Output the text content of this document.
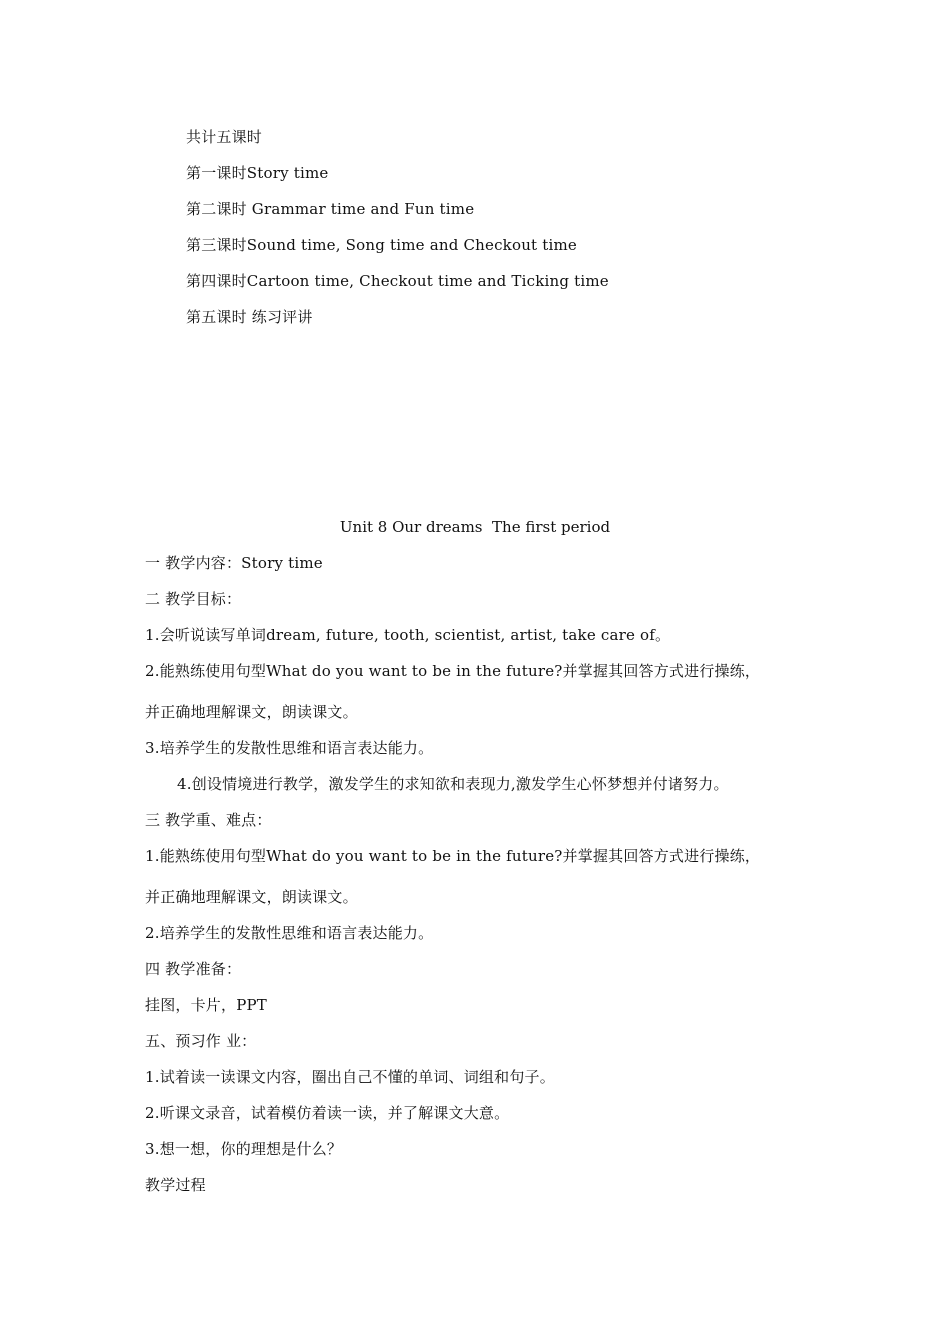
共计五课时
第一课时Story time
第二课时 Grammar time and Fun time
第三课时Sound time, Song time and Checkout time
第四课时Cartoon time, Checkout time and Ticking time
第五课时 练习评讲
Unit 8 Our dreams  The first period
一 教学内容：Story time
二 教学目标：
1.会听说读写单词dream, future, tooth, scientist, artist, take care of。
2.能熟练使用句型What do you want to be in the future?并掌握其回答方式进行操练，
并正确地理解课文，朗读课文。
3.培养学生的发散性思维和语言表达能力。
4.创设情境进行教学，激发学生的求知欲和表现力,激发学生心怀梦想并付诸努力。
三 教学重、难点：
1.能熟练使用句型What do you want to be in the future?并掌握其回答方式进行操练，
并正确地理解课文，朗读课文。
2.培养学生的发散性思维和语言表达能力。
四 教学准备：
挂图，卡片，PPT
五、预习作 业：
1.试着读一读课文内容，圈出自己不懂的单词、词组和句子。
2.听课文录音，试着模仿着读一读，并了解课文大意。
3.想一想，你的理想是什么？
教学过程
